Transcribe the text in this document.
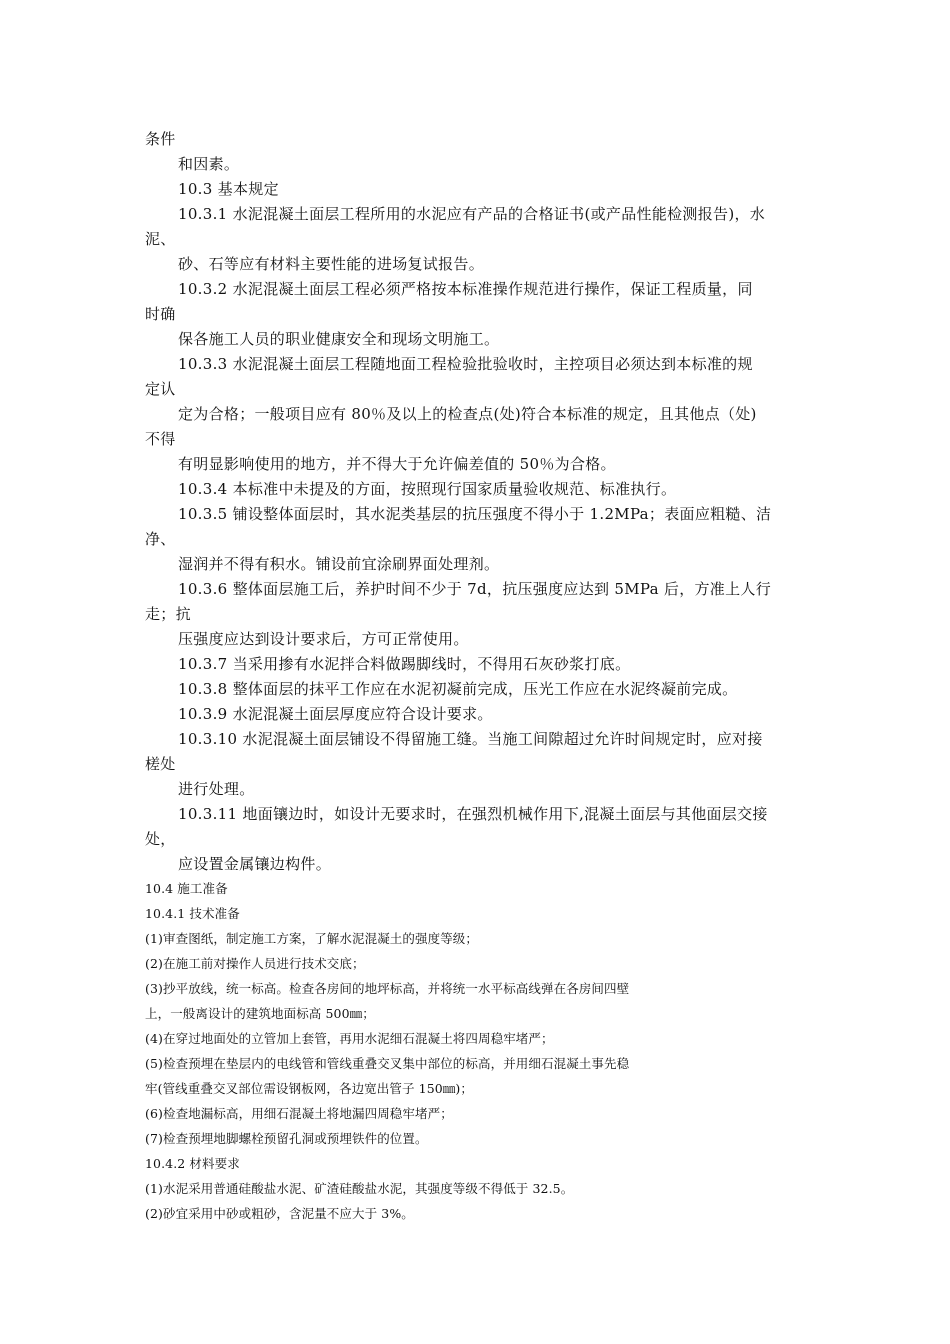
条件
和因素。
10.3 基本规定
10.3.1 水泥混凝土面层工程所用的水泥应有产品的合格证书(或产品性能检测报告)，水
泥、
砂、石等应有材料主要性能的进场复试报告。
10.3.2 水泥混凝土面层工程必须严格按本标准操作规范进行操作，保证工程质量，同
时确
保各施工人员的职业健康安全和现场文明施工。
10.3.3 水泥混凝土面层工程随地面工程检验批验收时，主控项目必须达到本标准的规
定认
定为合格；一般项目应有 80％及以上的检查点(处)符合本标准的规定，且其他点（处)
不得
有明显影响使用的地方，并不得大于允许偏差值的 50％为合格。
10.3.4 本标准中未提及的方面，按照现行国家质量验收规范、标准执行。
10.3.5 铺设整体面层时，其水泥类基层的抗压强度不得小于 1.2MPa；表面应粗糙、洁
净、
湿润并不得有积水。铺设前宜涂刷界面处理剂。
10.3.6 整体面层施工后，养护时间不少于 7d，抗压强度应达到 5MPa 后，方准上人行
走；抗
压强度应达到设计要求后，方可正常使用。
10.3.7 当采用掺有水泥拌合料做踢脚线时，不得用石灰砂浆打底。
10.3.8 整体面层的抹平工作应在水泥初凝前完成，压光工作应在水泥终凝前完成。
10.3.9 水泥混凝土面层厚度应符合设计要求。
10.3.10 水泥混凝土面层铺设不得留施工缝。当施工间隙超过允许时间规定时，应对接
槎处
进行处理。
10.3.11 地面镶边时，如设计无要求时，在强烈机械作用下,混凝土面层与其他面层交接
处，
应设置金属镶边构件。
10.4 施工准备
10.4.1 技术准备
(1)审查图纸，制定施工方案，了解水泥混凝土的强度等级；
(2)在施工前对操作人员进行技术交底；
(3)抄平放线，统一标高。检查各房间的地坪标高，并将统一水平标高线弹在各房间四壁
上，一般离设计的建筑地面标高 500㎜；
(4)在穿过地面处的立管加上套管，再用水泥细石混凝土将四周稳牢堵严；
(5)检查预埋在垫层内的电线管和管线重叠交叉集中部位的标高，并用细石混凝土事先稳
牢(管线重叠交叉部位需设钢板网，各边宽出管子 150㎜)；
(6)检查地漏标高，用细石混凝土将地漏四周稳牢堵严；
(7)检查预埋地脚螺栓预留孔洞或预埋铁件的位置。
10.4.2 材料要求
(1)水泥采用普通硅酸盐水泥、矿渣硅酸盐水泥，其强度等级不得低于 32.5。
(2)砂宜采用中砂或粗砂，含泥量不应大于 3%。
